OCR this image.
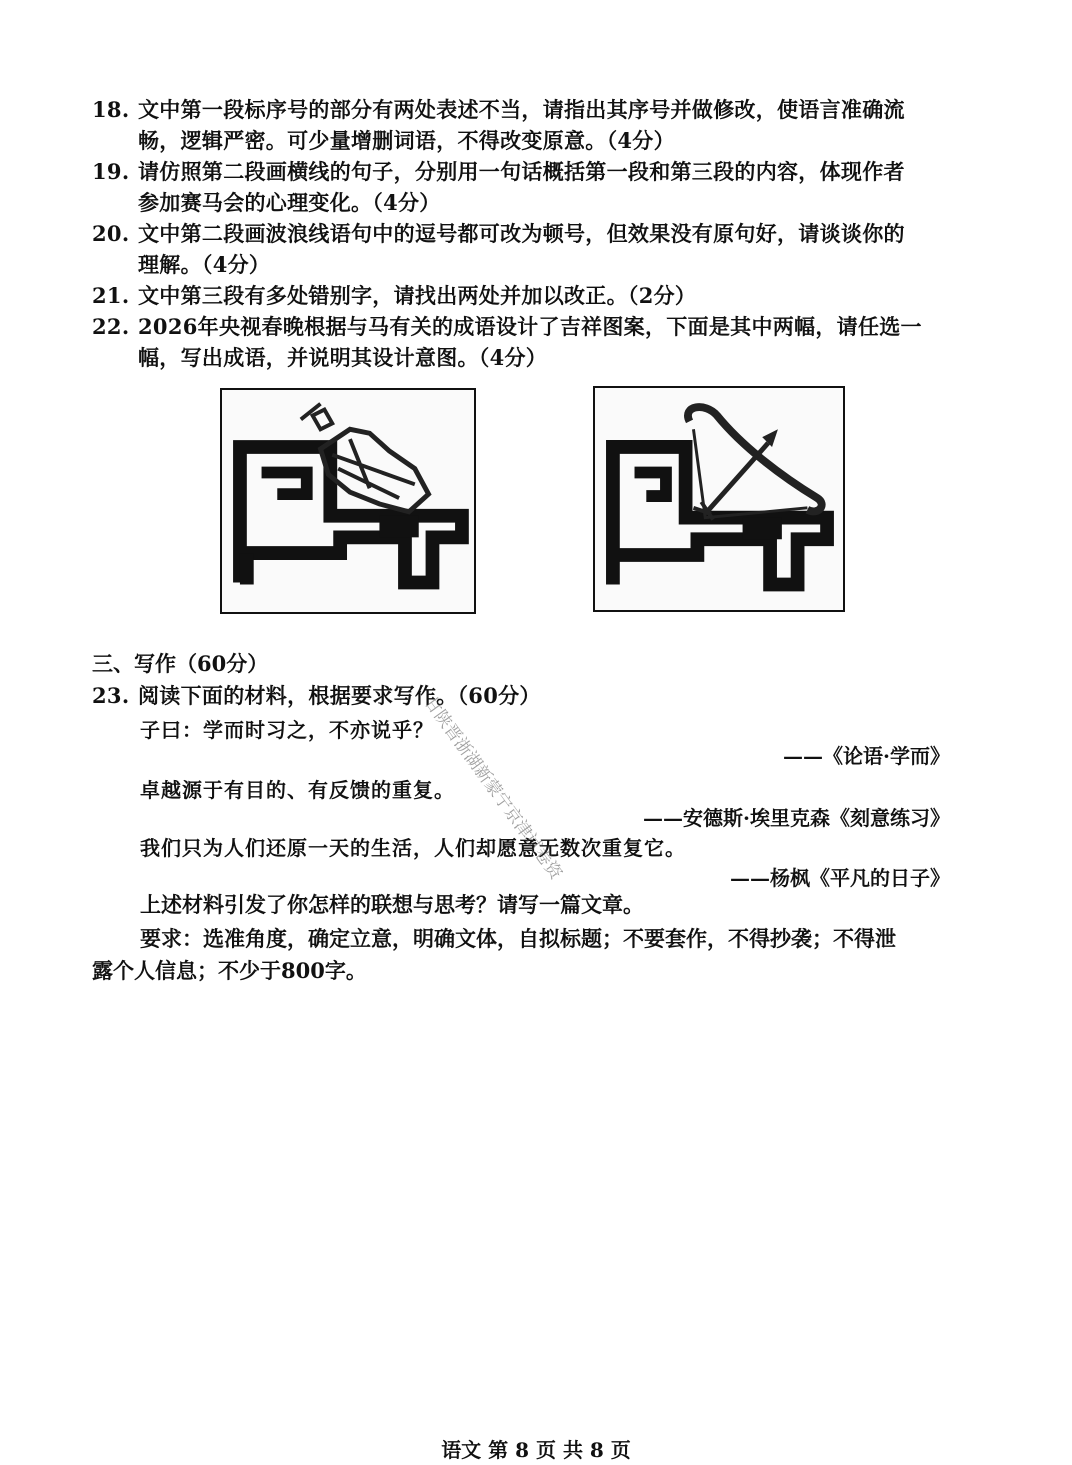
18. 文中第一段标序号的部分有两处表述不当，请指出其序号并做修改，使语言准确流
畅，逻辑严密。可少量增删词语，不得改变原意。（4分）
19. 请仿照第二段画横线的句子，分别用一句话概括第一段和第三段的内容，体现作者
参加赛马会的心理变化。（4分）
20. 文中第二段画波浪线语句中的逗号都可改为顿号，但效果没有原句好，请谈谈你的
理解。（4分）
21. 文中第三段有多处错别字，请找出两处并加以改正。（2分）
22. 2026年央视春晚根据与马有关的成语设计了吉祥图案，下面是其中两幅，请任选一
幅，写出成语，并说明其设计意图。（4分）
三、写作（60分）
23. 阅读下面的材料，根据要求写作。（60分）
子曰：学而时习之，不亦说乎？
——《论语·学而》
卓越源于有目的、有反馈的重复。
——安德斯·埃里克森《刻意练习》
我们只为人们还原一天的生活，人们却愿意无数次重复它。
——杨枫《平凡的日子》
上述材料引发了你怎样的联想与思考？请写一篇文章。
要求：选准角度，确定立意，明确文体，自拟标题；不要套作，不得抄袭；不得泄
露个人信息；不少于800字。
甘陕晋浙湖新蒙宁京津试卷资
语文 第 8 页 共 8 页
